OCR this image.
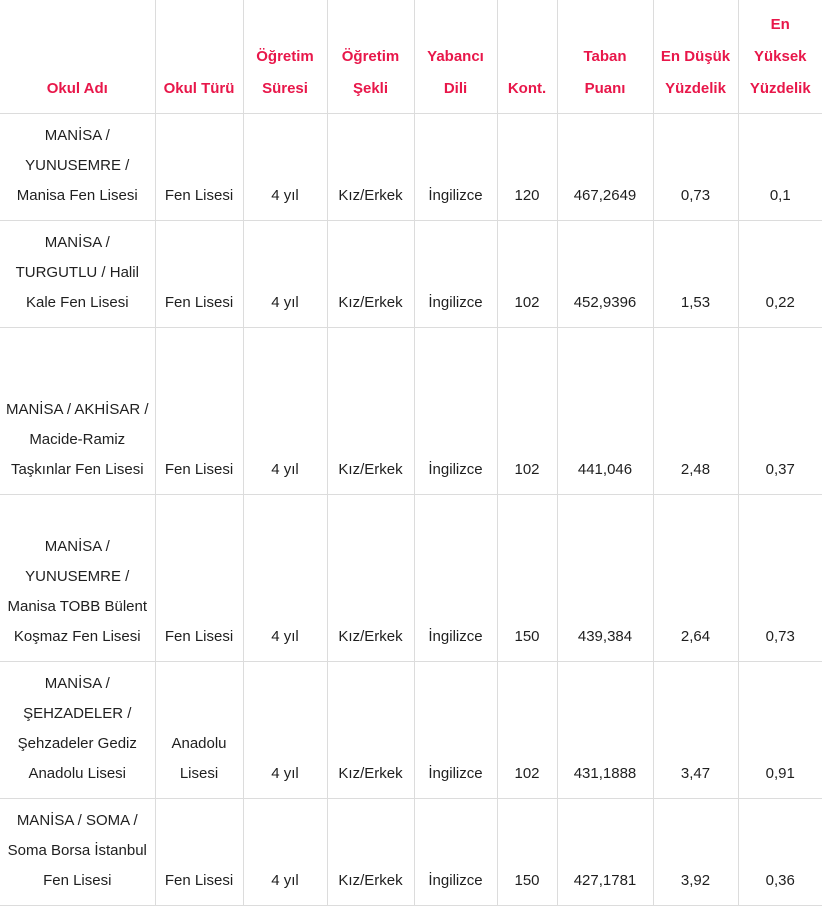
Okul Adı	Okul Türü	Öğretim Süresi	Öğretim Şekli	Yabancı Dili	Kont.	Taban Puanı	En Düşük Yüzdelik	En Yüksek Yüzdelik
MANİSA / YUNUSEMRE / Manisa Fen Lisesi	Fen Lisesi	4 yıl	Kız/Erkek	İngilizce	120	467,2649	0,73	0,1
MANİSA / TURGUTLU / Halil Kale Fen Lisesi	Fen Lisesi	4 yıl	Kız/Erkek	İngilizce	102	452,9396	1,53	0,22
MANİSA / AKHİSAR / Macide-Ramiz Taşkınlar Fen Lisesi	Fen Lisesi	4 yıl	Kız/Erkek	İngilizce	102	441,046	2,48	0,37
MANİSA / YUNUSEMRE / Manisa TOBB Bülent Koşmaz Fen Lisesi	Fen Lisesi	4 yıl	Kız/Erkek	İngilizce	150	439,384	2,64	0,73
MANİSA / ŞEHZADELER / Şehzadeler Gediz Anadolu Lisesi	Anadolu Lisesi	4 yıl	Kız/Erkek	İngilizce	102	431,1888	3,47	0,91
MANİSA / SOMA / Soma Borsa İstanbul Fen Lisesi	Fen Lisesi	4 yıl	Kız/Erkek	İngilizce	150	427,1781	3,92	0,36
